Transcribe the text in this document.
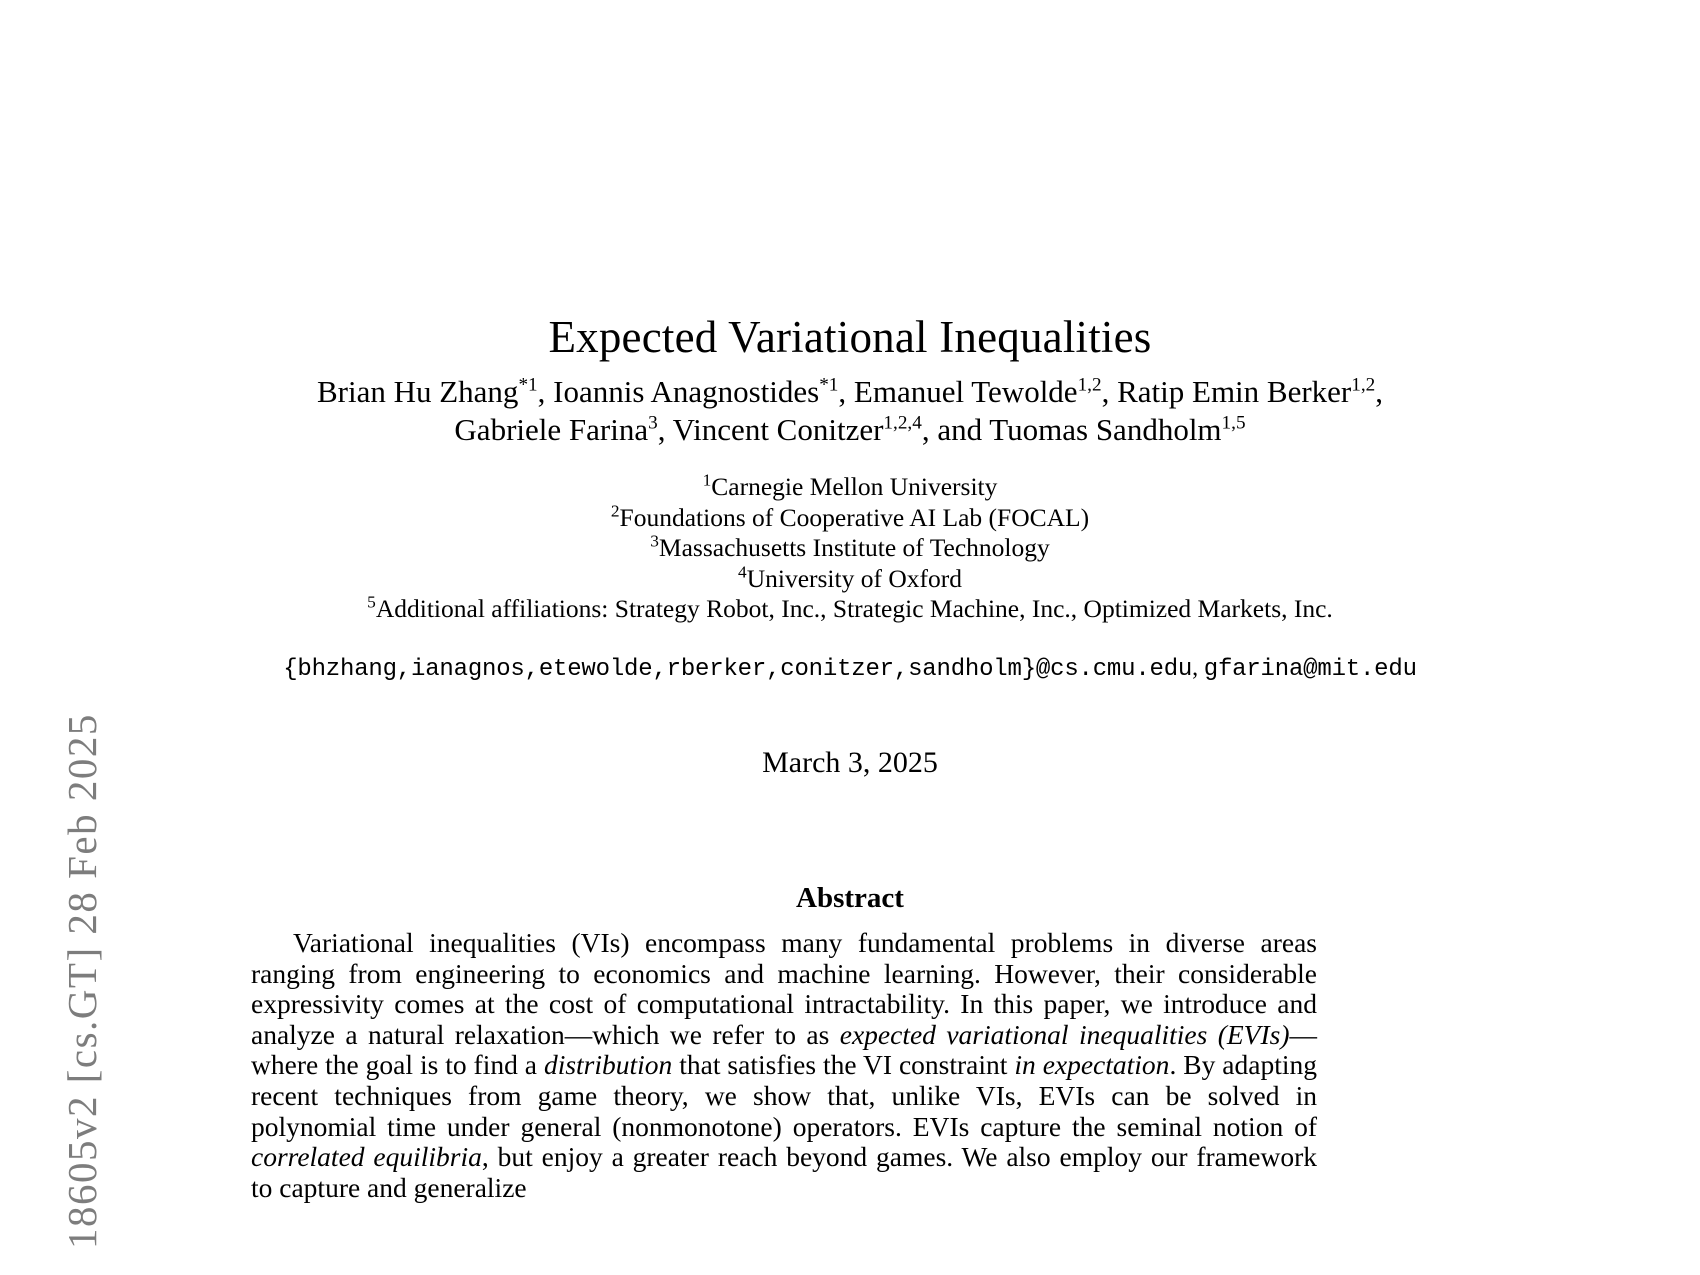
18605v2 [cs.GT] 28 Feb 2025
Expected Variational Inequalities
Brian Hu Zhang$^{*1}$, Ioannis Anagnostides$^{*1}$, Emanuel Tewolde$^{1,2}$, Ratip Emin Berker$^{1,2}$,
Gabriele Farina$^3$, Vincent Conitzer$^{1,2,4}$, and Tuomas Sandholm$^{1,5}$
$^1$Carnegie Mellon University
$^2$Foundations of Cooperative AI Lab (FOCAL)
$^3$Massachusetts Institute of Technology
$^4$University of Oxford
$^5$Additional affiliations: Strategy Robot, Inc., Strategic Machine, Inc., Optimized Markets, Inc.
{bhzhang,ianagnos,etewolde,rberker,conitzer,sandholm}@cs.cmu.edu, gfarina@mit.edu
March 3, 2025
Abstract

Variational inequalities (VIs) encompass many fundamental problems in diverse areas ranging from engineering to economics and machine learning. However, their considerable expressivity comes at the cost of computational intractability. In this paper, we introduce and analyze a natural relaxation—which we refer to as expected variational inequalities (EVIs)—where the goal is to find a distribution that satisfies the VI constraint in expectation. By adapting recent techniques from game theory, we show that, unlike VIs, EVIs can be solved in polynomial time under general (nonmonotone) operators. EVIs capture the seminal notion of correlated equilibria, but enjoy a greater reach beyond games. We also employ our framework to capture and generalize
